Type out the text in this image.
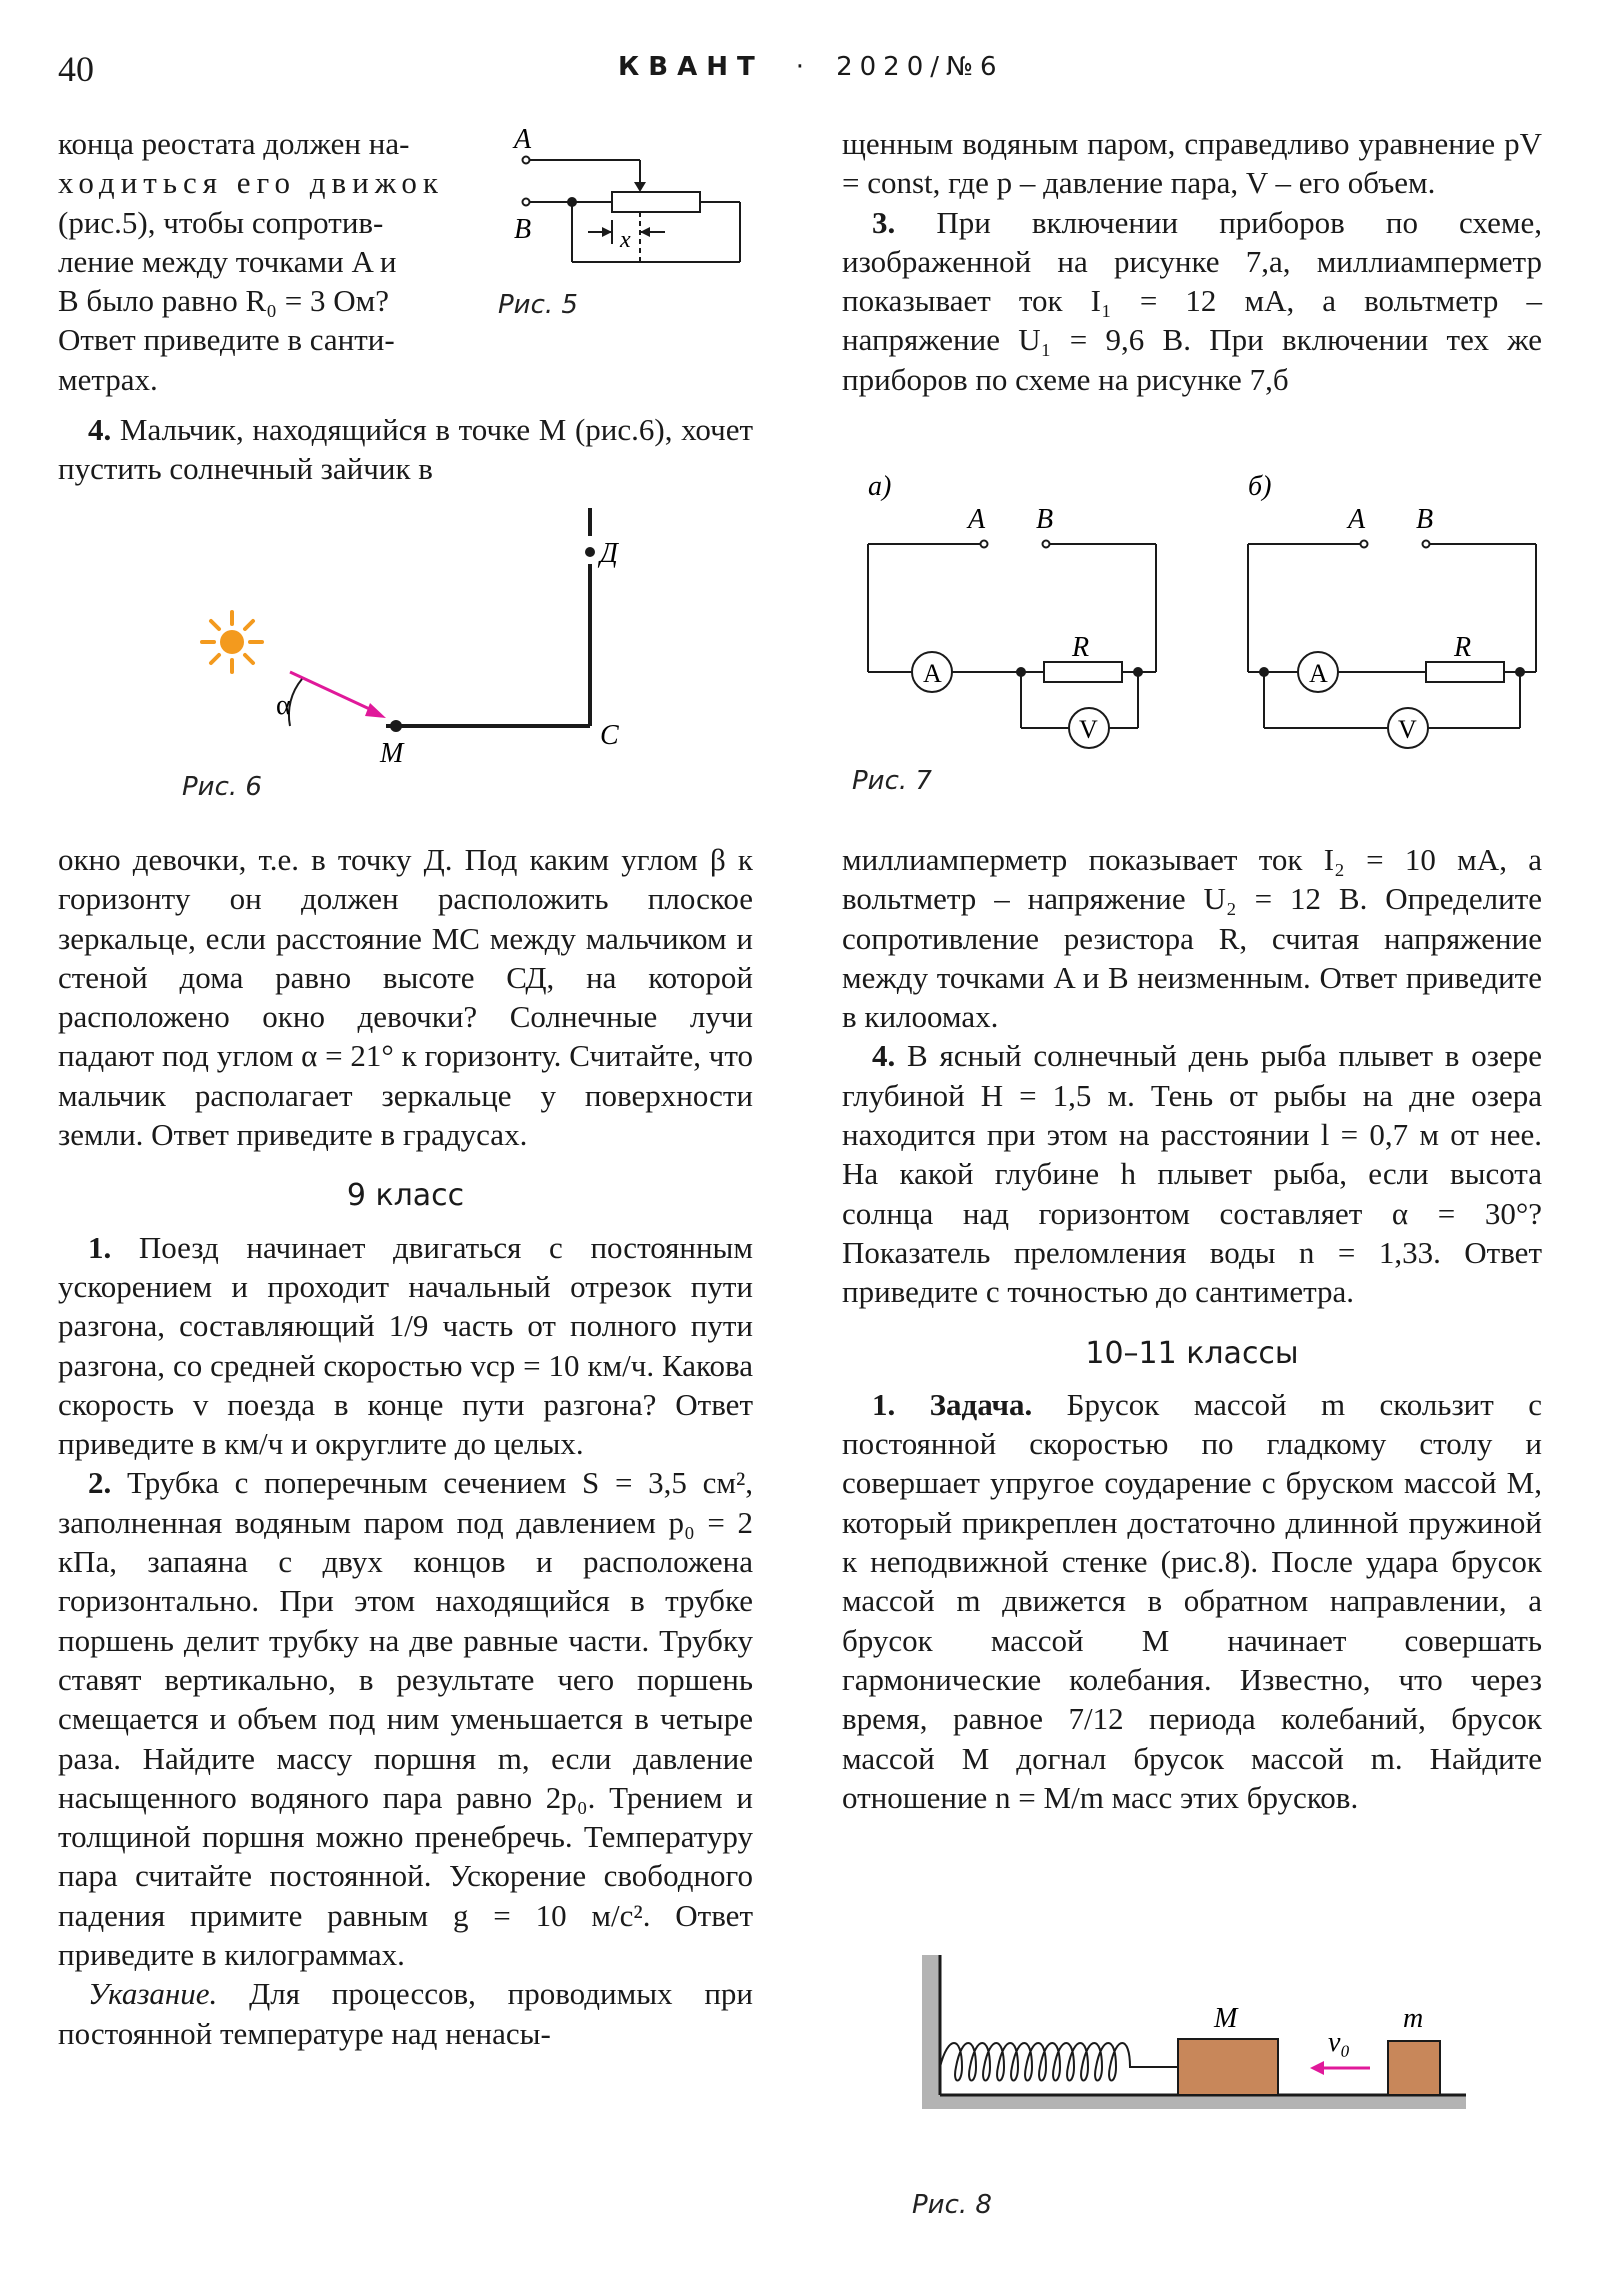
40	КВАНТ · 2020/№6
конца реостата должен на-
ходиться его движок
(рис.5), чтобы сопротив-
ление между точками A и
B было равно R₀ = 3 Ом?
Ответ приведите в санти-
метрах.
A
B	x
Рис. 5

4. Мальчик, находящийся в точке M (рис.6), хочет пустить солнечный зайчик в

α
M
C
Д
Рис. 6

окно девочки, т.е. в точку Д. Под каким углом β к горизонту он должен расположить плоское зеркальце, если расстояние MC между мальчиком и стеной дома равно высоте СД, на которой расположено окно девочки? Солнечные лучи падают под углом α = 21° к горизонту. Считайте, что мальчик располагает зеркальце у поверхности земли. Ответ приведите в градусах.

9 класс

1. Поезд начинает двигаться с постоянным ускорением и проходит начальный отрезок пути разгона, составляющий 1/9 часть от полного пути разгона, со средней скоростью vср = 10 км/ч. Какова скорость v поезда в конце пути разгона? Ответ приведите в км/ч и округлите до целых.

2. Трубка с поперечным сечением S = 3,5 см², заполненная водяным паром под давлением p₀ = 2 кПа, запаяна с двух концов и расположена горизонтально. При этом находящийся в трубке поршень делит трубку на две равные части. Трубку ставят вертикально, в результате чего поршень смещается и объем под ним уменьшается в четыре раза. Найдите массу поршня m, если давление насыщенного водяного пара равно 2p₀. Трением и толщиной поршня можно пренебречь. Температуру пара считайте постоянной. Ускорение свободного падения примите равным g = 10 м/с². Ответ приведите в килограммах.

Указание. Для процессов, проводимых при постоянной температуре над ненасы-

щенным водяным паром, справедливо уравнение pV = const, где p – давление пара, V – его объем.

3. При включении приборов по схеме, изображенной на рисунке 7,а, миллиамперметр показывает ток I₁ = 12 мА, а вольтметр – напряжение U₁ = 9,6 В. При включении тех же приборов по схеме на рисунке 7,б

а)	б)
A B
R
A
V
A B
R
A
V
Рис. 7

миллиамперметр показывает ток I₂ = 10 мА, а вольтметр – напряжение U₂ = 12 В. Определите сопротивление резистора R, считая напряжение между точками A и B неизменным. Ответ приведите в килоомах.

4. В ясный солнечный день рыба плывет в озере глубиной H = 1,5 м. Тень от рыбы на дне озера находится при этом на расстоянии l = 0,7 м от нее. На какой глубине h плывет рыба, если высота солнца над горизонтом составляет α = 30°? Показатель преломления воды n = 1,33. Ответ приведите с точностью до сантиметра.

10–11 классы

1. Задача. Брусок массой m скользит с постоянной скоростью по гладкому столу и совершает упругое соударение с бруском массой M, который прикреплен достаточно длинной пружиной к неподвижной стенке (рис.8). После удара брусок массой m движется в обратном направлении, а брусок массой M начинает совершать гармонические колебания. Известно, что через время, равное 7/12 периода колебаний, брусок массой M догнал брусок массой m. Найдите отношение n = M/m масс этих брусков.

M	m
v₀
Рис. 8
